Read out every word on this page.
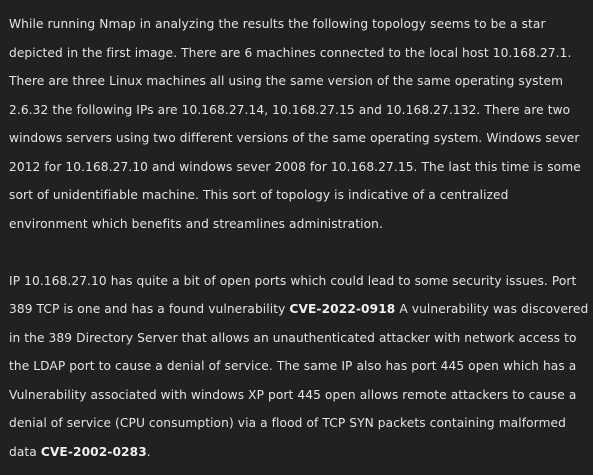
While running Nmap in analyzing the results the following topology seems to be a star
depicted in the first image. There are 6 machines connected to the local host 10.168.27.1.
There are three Linux machines all using the same version of the same operating system
2.6.32 the following IPs are 10.168.27.14, 10.168.27.15 and 10.168.27.132. There are two
windows servers using two different versions of the same operating system. Windows sever
2012 for 10.168.27.10 and windows sever 2008 for 10.168.27.15. The last this time is some
sort of unidentifiable machine. This sort of topology is indicative of a centralized
environment which benefits and streamlines administration.
IP 10.168.27.10 has quite a bit of open ports which could lead to some security issues. Port
389 TCP is one and has a found vulnerability CVE-2022-0918 A vulnerability was discovered
in the 389 Directory Server that allows an unauthenticated attacker with network access to
the LDAP port to cause a denial of service. The same IP also has port 445 open which has a
Vulnerability associated with windows XP port 445 open allows remote attackers to cause a
denial of service (CPU consumption) via a flood of TCP SYN packets containing malformed
data CVE-2002-0283.
